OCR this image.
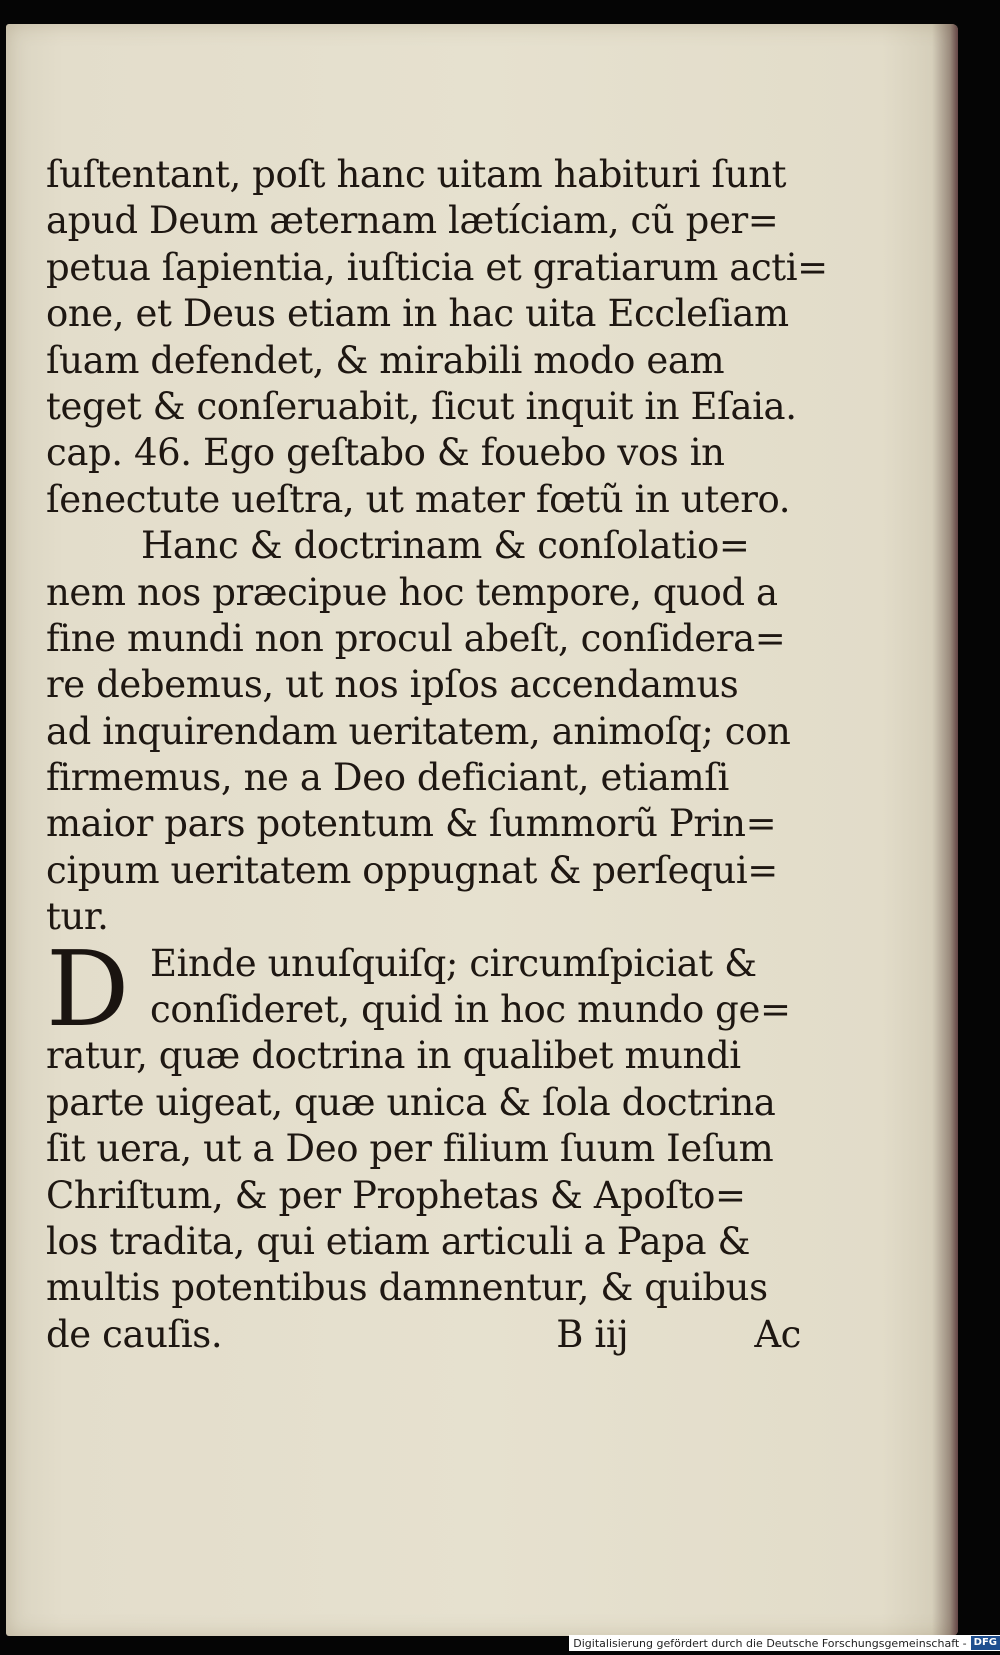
ſuſtentant, poſt hanc uitam habituri ſunt
apud Deum æternam lætíciam, cũ per=
petua ſapientia, iuſticia et gratiarum acti=
one, et Deus etiam in hac uita Eccleſiam
ſuam defendet, & mirabili modo eam
teget & conſeruabit, ſicut inquit in Eſaia.
cap. 46. Ego geſtabo & fouebo vos in
ſenectute ueſtra, ut mater fœtũ in utero.
Hanc & doctrinam & conſolatio=
nem nos præcipue hoc tempore, quod a
fine mundi non procul abeſt, conſidera=
re debemus, ut nos ipſos accendamus
ad inquirendam ueritatem, animoſq; con
firmemus, ne a Deo deficiant, etiamſi
maior pars potentum & ſummorũ Prin=
cipum ueritatem oppugnat & perſequi=
tur.
D Einde unuſquiſq; circumſpiciat &
conſideret, quid in hoc mundo ge=
ratur, quæ doctrina in qualibet mundi
parte uigeat, quæ unica & ſola doctrina
ſit uera, ut a Deo per filium ſuum Ieſum
Chriſtum, & per Prophetas & Apoſto=
los tradita, qui etiam articuli a Papa &
multis potentibus damnentur, & quibus
de cauſis.	B iij	Ac
Digitalisierung gefördert durch die Deutsche Forschungsgemeinschaft - DFG
